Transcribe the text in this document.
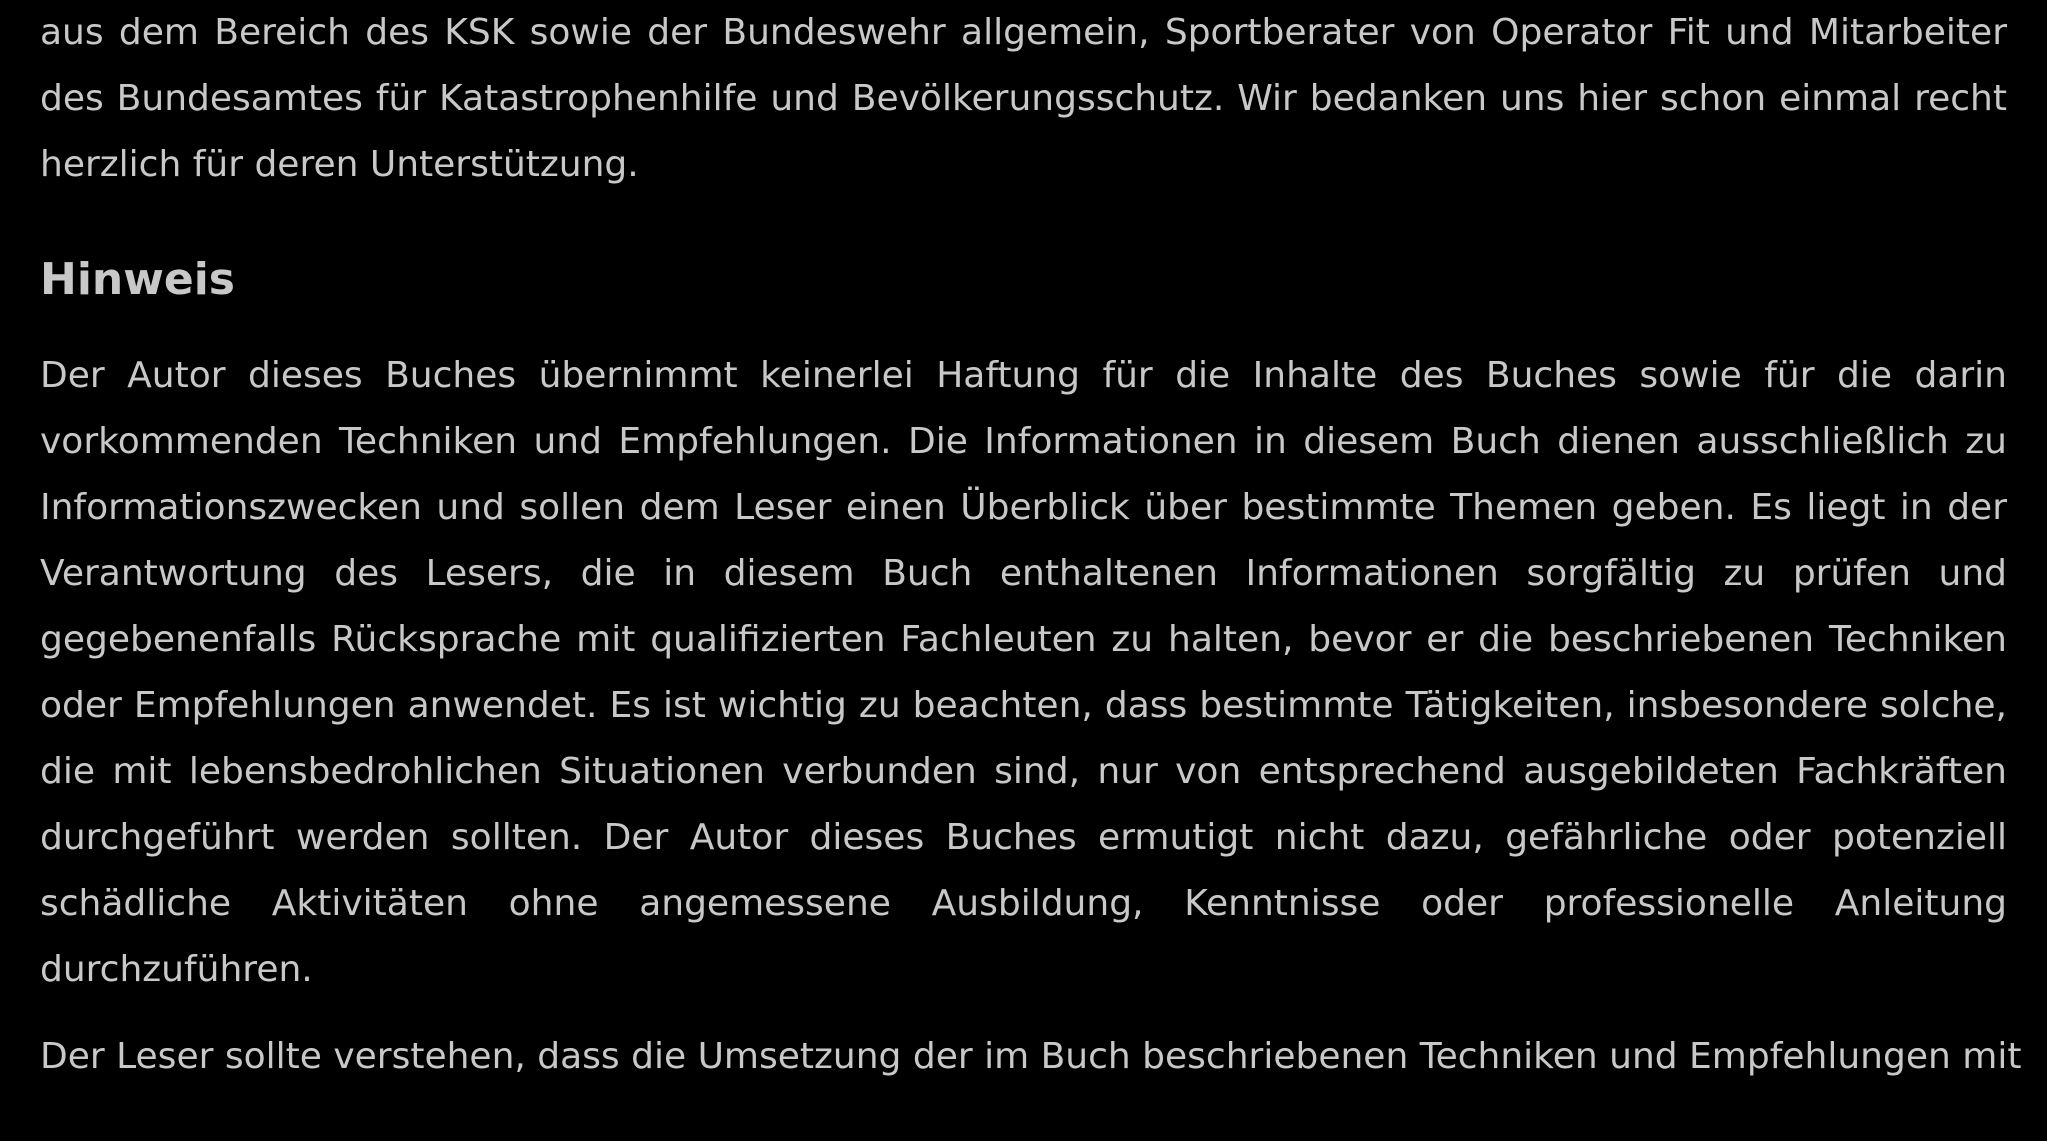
aus dem Bereich des KSK sowie der Bundeswehr allgemein, Sportberater von Operator Fit und Mitarbeiter des Bundesamtes für Katastrophenhilfe und Bevölkerungsschutz. Wir bedanken uns hier schon einmal recht herzlich für deren Unterstützung.

Hinweis

Der Autor dieses Buches übernimmt keinerlei Haftung für die Inhalte des Buches sowie für die darin vorkommenden Techniken und Empfehlungen. Die Informationen in diesem Buch dienen ausschließlich zu Informationszwecken und sollen dem Leser einen Überblick über bestimmte Themen geben. Es liegt in der Verantwortung des Lesers, die in diesem Buch enthaltenen Informationen sorgfältig zu prüfen und gegebenenfalls Rücksprache mit qualifizierten Fachleuten zu halten, bevor er die beschriebenen Techniken oder Empfehlungen anwendet. Es ist wichtig zu beachten, dass bestimmte Tätigkeiten, insbesondere solche, die mit lebensbedrohlichen Situationen verbunden sind, nur von entsprechend ausgebildeten Fachkräften durchgeführt werden sollten. Der Autor dieses Buches ermutigt nicht dazu, gefährliche oder potenziell schädliche Aktivitäten ohne angemessene Ausbildung, Kenntnisse oder professionelle Anleitung durchzuführen.

Der Leser sollte verstehen, dass die Umsetzung der im Buch beschriebenen Techniken und Empfehlungen mit
